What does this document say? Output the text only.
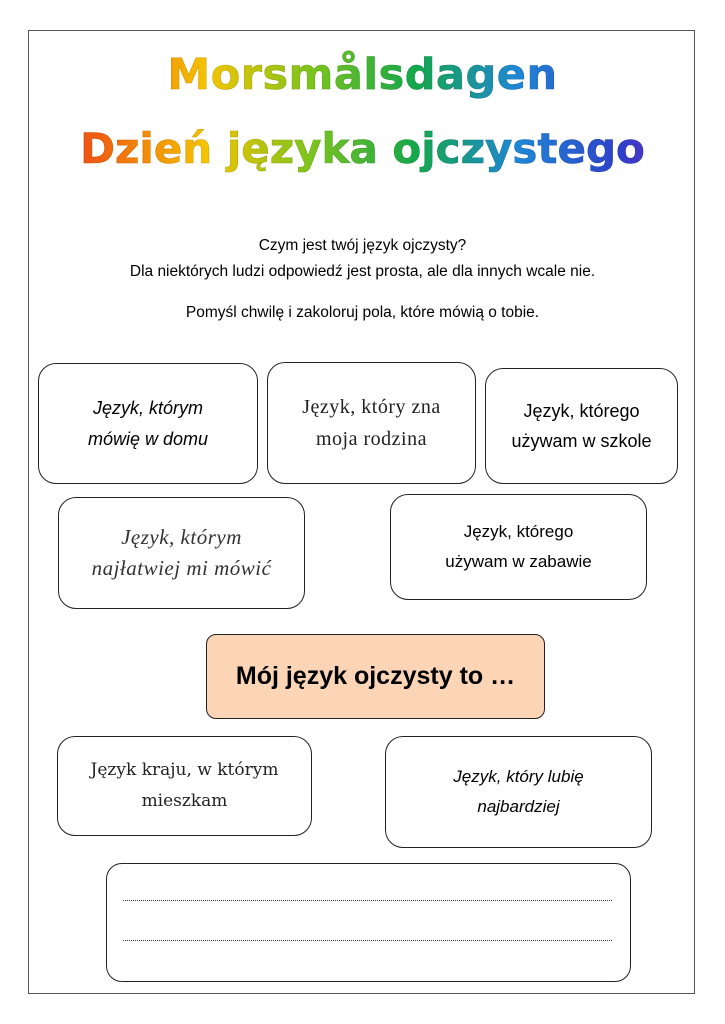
Morsmålsdagen
Dzień języka ojczystego
Czym jest twój język ojczysty?
Dla niektórych ludzi odpowiedź jest prosta, ale dla innych wcale nie.
Pomyśl chwilę i zakoloruj pola, które mówią o tobie.
Język, którym
mówię w domu
Język, który zna
moja rodzina
Język, którego
używam w szkole
Język, którym
najłatwiej mi mówić
Język, którego
używam w zabawie
Mój język ojczysty to …
Język kraju, w którym
mieszkam
Język, który lubię
najbardziej
